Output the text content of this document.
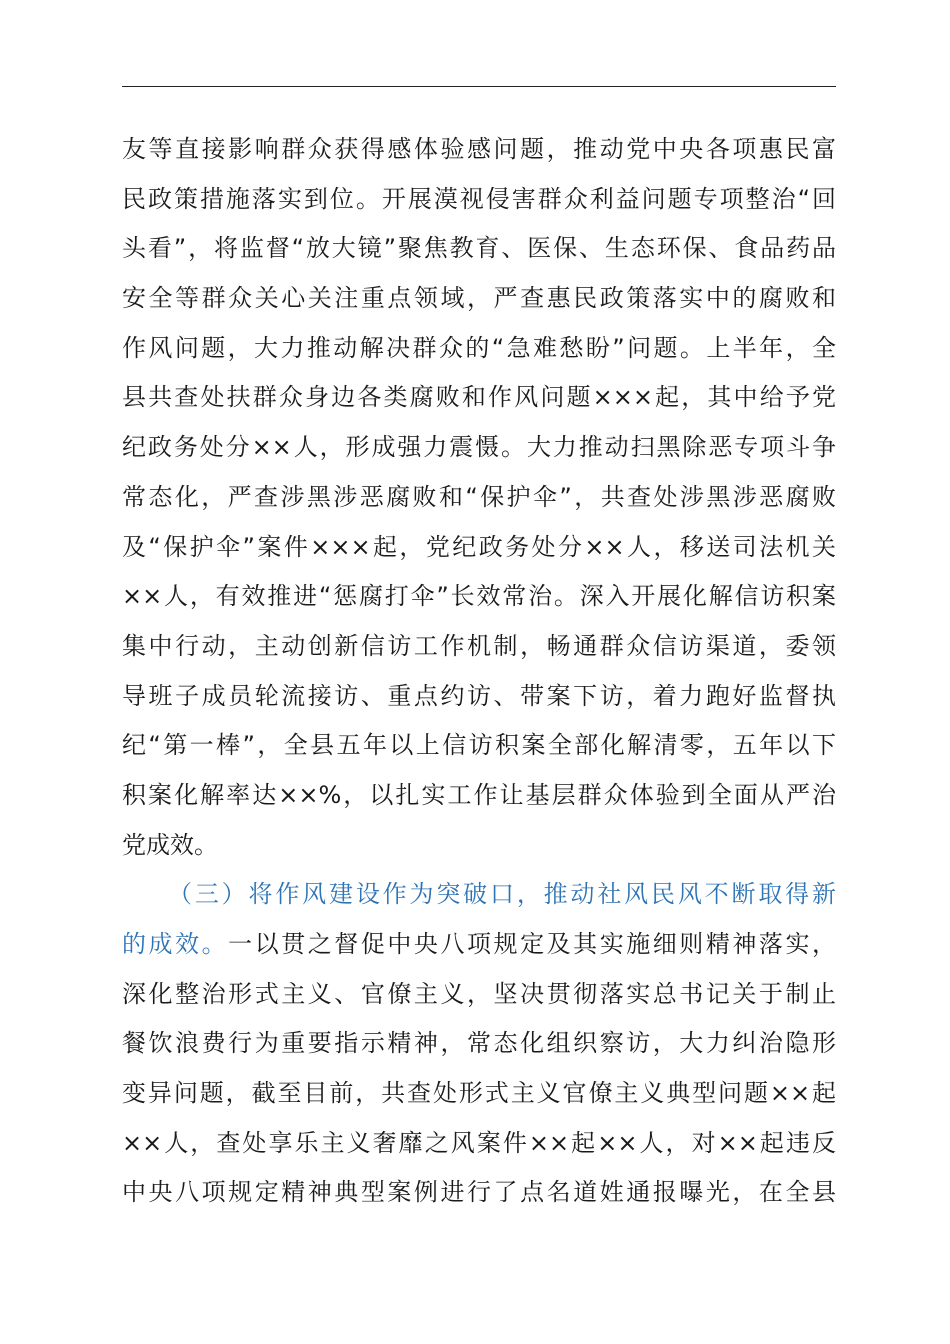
友等直接影响群众获得感体验感问题，推动党中央各项惠民富
民政策措施落实到位。开展漠视侵害群众利益问题专项整治“回
头看”，将监督“放大镜”聚焦教育、医保、生态环保、食品药品
安全等群众关心关注重点领域，严查惠民政策落实中的腐败和
作风问题，大力推动解决群众的“急难愁盼”问题。上半年，全
县共查处扶群众身边各类腐败和作风问题×××起，其中给予党
纪政务处分××人，形成强力震慑。大力推动扫黑除恶专项斗争
常态化，严查涉黑涉恶腐败和“保护伞”，共查处涉黑涉恶腐败
及“保护伞”案件×××起，党纪政务处分××人，移送司法机关
××人，有效推进“惩腐打伞”长效常治。深入开展化解信访积案
集中行动，主动创新信访工作机制，畅通群众信访渠道，委领
导班子成员轮流接访、重点约访、带案下访，着力跑好监督执
纪“第一棒”，全县五年以上信访积案全部化解清零，五年以下
积案化解率达××%，以扎实工作让基层群众体验到全面从严治
党成效。
（三）将作风建设作为突破口，推动社风民风不断取得新
的成效。一以贯之督促中央八项规定及其实施细则精神落实，
深化整治形式主义、官僚主义，坚决贯彻落实总书记关于制止
餐饮浪费行为重要指示精神，常态化组织察访，大力纠治隐形
变异问题，截至目前，共查处形式主义官僚主义典型问题××起
××人，查处享乐主义奢靡之风案件××起××人，对××起违反
中央八项规定精神典型案例进行了点名道姓通报曝光，在全县
